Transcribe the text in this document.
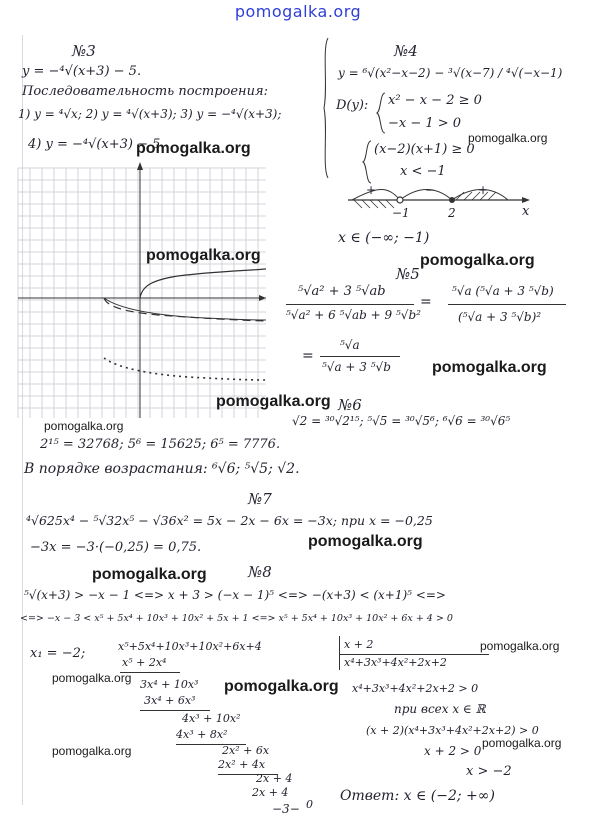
pomogalka.org
№3
y = −⁴√(x+3) − 5.
Последовательность построения:
1) y = ⁴√x; 2) y = ⁴√(x+3); 3) y = −⁴√(x+3);
4) y = −⁴√(x+3) − 5
№4
y = ⁶√(x²−x−2) − ³√(x−7) / ⁴√(−x−1)
D(y): x² − x − 2 ≥ 0
−x − 1 > 0
(x−2)(x+1) ≥ 0
x < −1
+	−	+
−1	2	x
x ∈ (−∞; −1)
№5
⁵√a² + 3 ⁵√ab
⁵√a² + 6 ⁵√ab + 9 ⁵√b²
=
⁵√a (⁵√a + 3 ⁵√b)
(⁵√a + 3 ⁵√b)²
=
⁵√a
⁵√a + 3 ⁵√b
№6
√2 = ³⁰√2¹⁵; ⁵√5 = ³⁰√5⁶; ⁶√6 = ³⁰√6⁵
2¹⁵ = 32768; 5⁶ = 15625; 6⁵ = 7776.
В порядке возрастания: ⁶√6; ⁵√5; √2.
№7
⁴√625x⁴ − ⁵√32x⁵ − √36x² = 5x − 2x − 6x = −3x; при x = −0,25
−3x = −3·(−0,25) = 0,75.
№8
⁵√(x+3) > −x − 1 <=> x + 3 > (−x − 1)⁵ <=> −(x+3) < (x+1)⁵ <=>
<=> −x − 3 < x⁵ + 5x⁴ + 10x³ + 10x² + 5x + 1 <=> x⁵ + 5x⁴ + 10x³ + 10x² + 6x + 4 > 0
x₁ = −2;	x⁵+5x⁴+10x³+10x²+6x+4	x + 2
x⁴+3x³+4x²+2x+2
x⁵ + 2x⁴
3x⁴ + 10x³
3x⁴ + 6x³
4x³ + 10x²
4x³ + 8x²
2x² + 6x
2x² + 4x
2x + 4
2x + 4
0
x⁴+3x³+4x²+2x+2 > 0
при всех x ∈ ℝ
(x + 2)(x⁴+3x³+4x²+2x+2) > 0
x + 2 > 0
x > −2
Ответ: x ∈ (−2; +∞)
−3−
pomogalka.org
pomogalka.org
pomogalka.org	pomogalka.org
pomogalka.org
pomogalka.org
pomogalka.org
pomogalka.org
pomogalka.org
pomogalka.org
pomogalka.org	pomogalka.org
pomogalka.org
pomogalka.org
